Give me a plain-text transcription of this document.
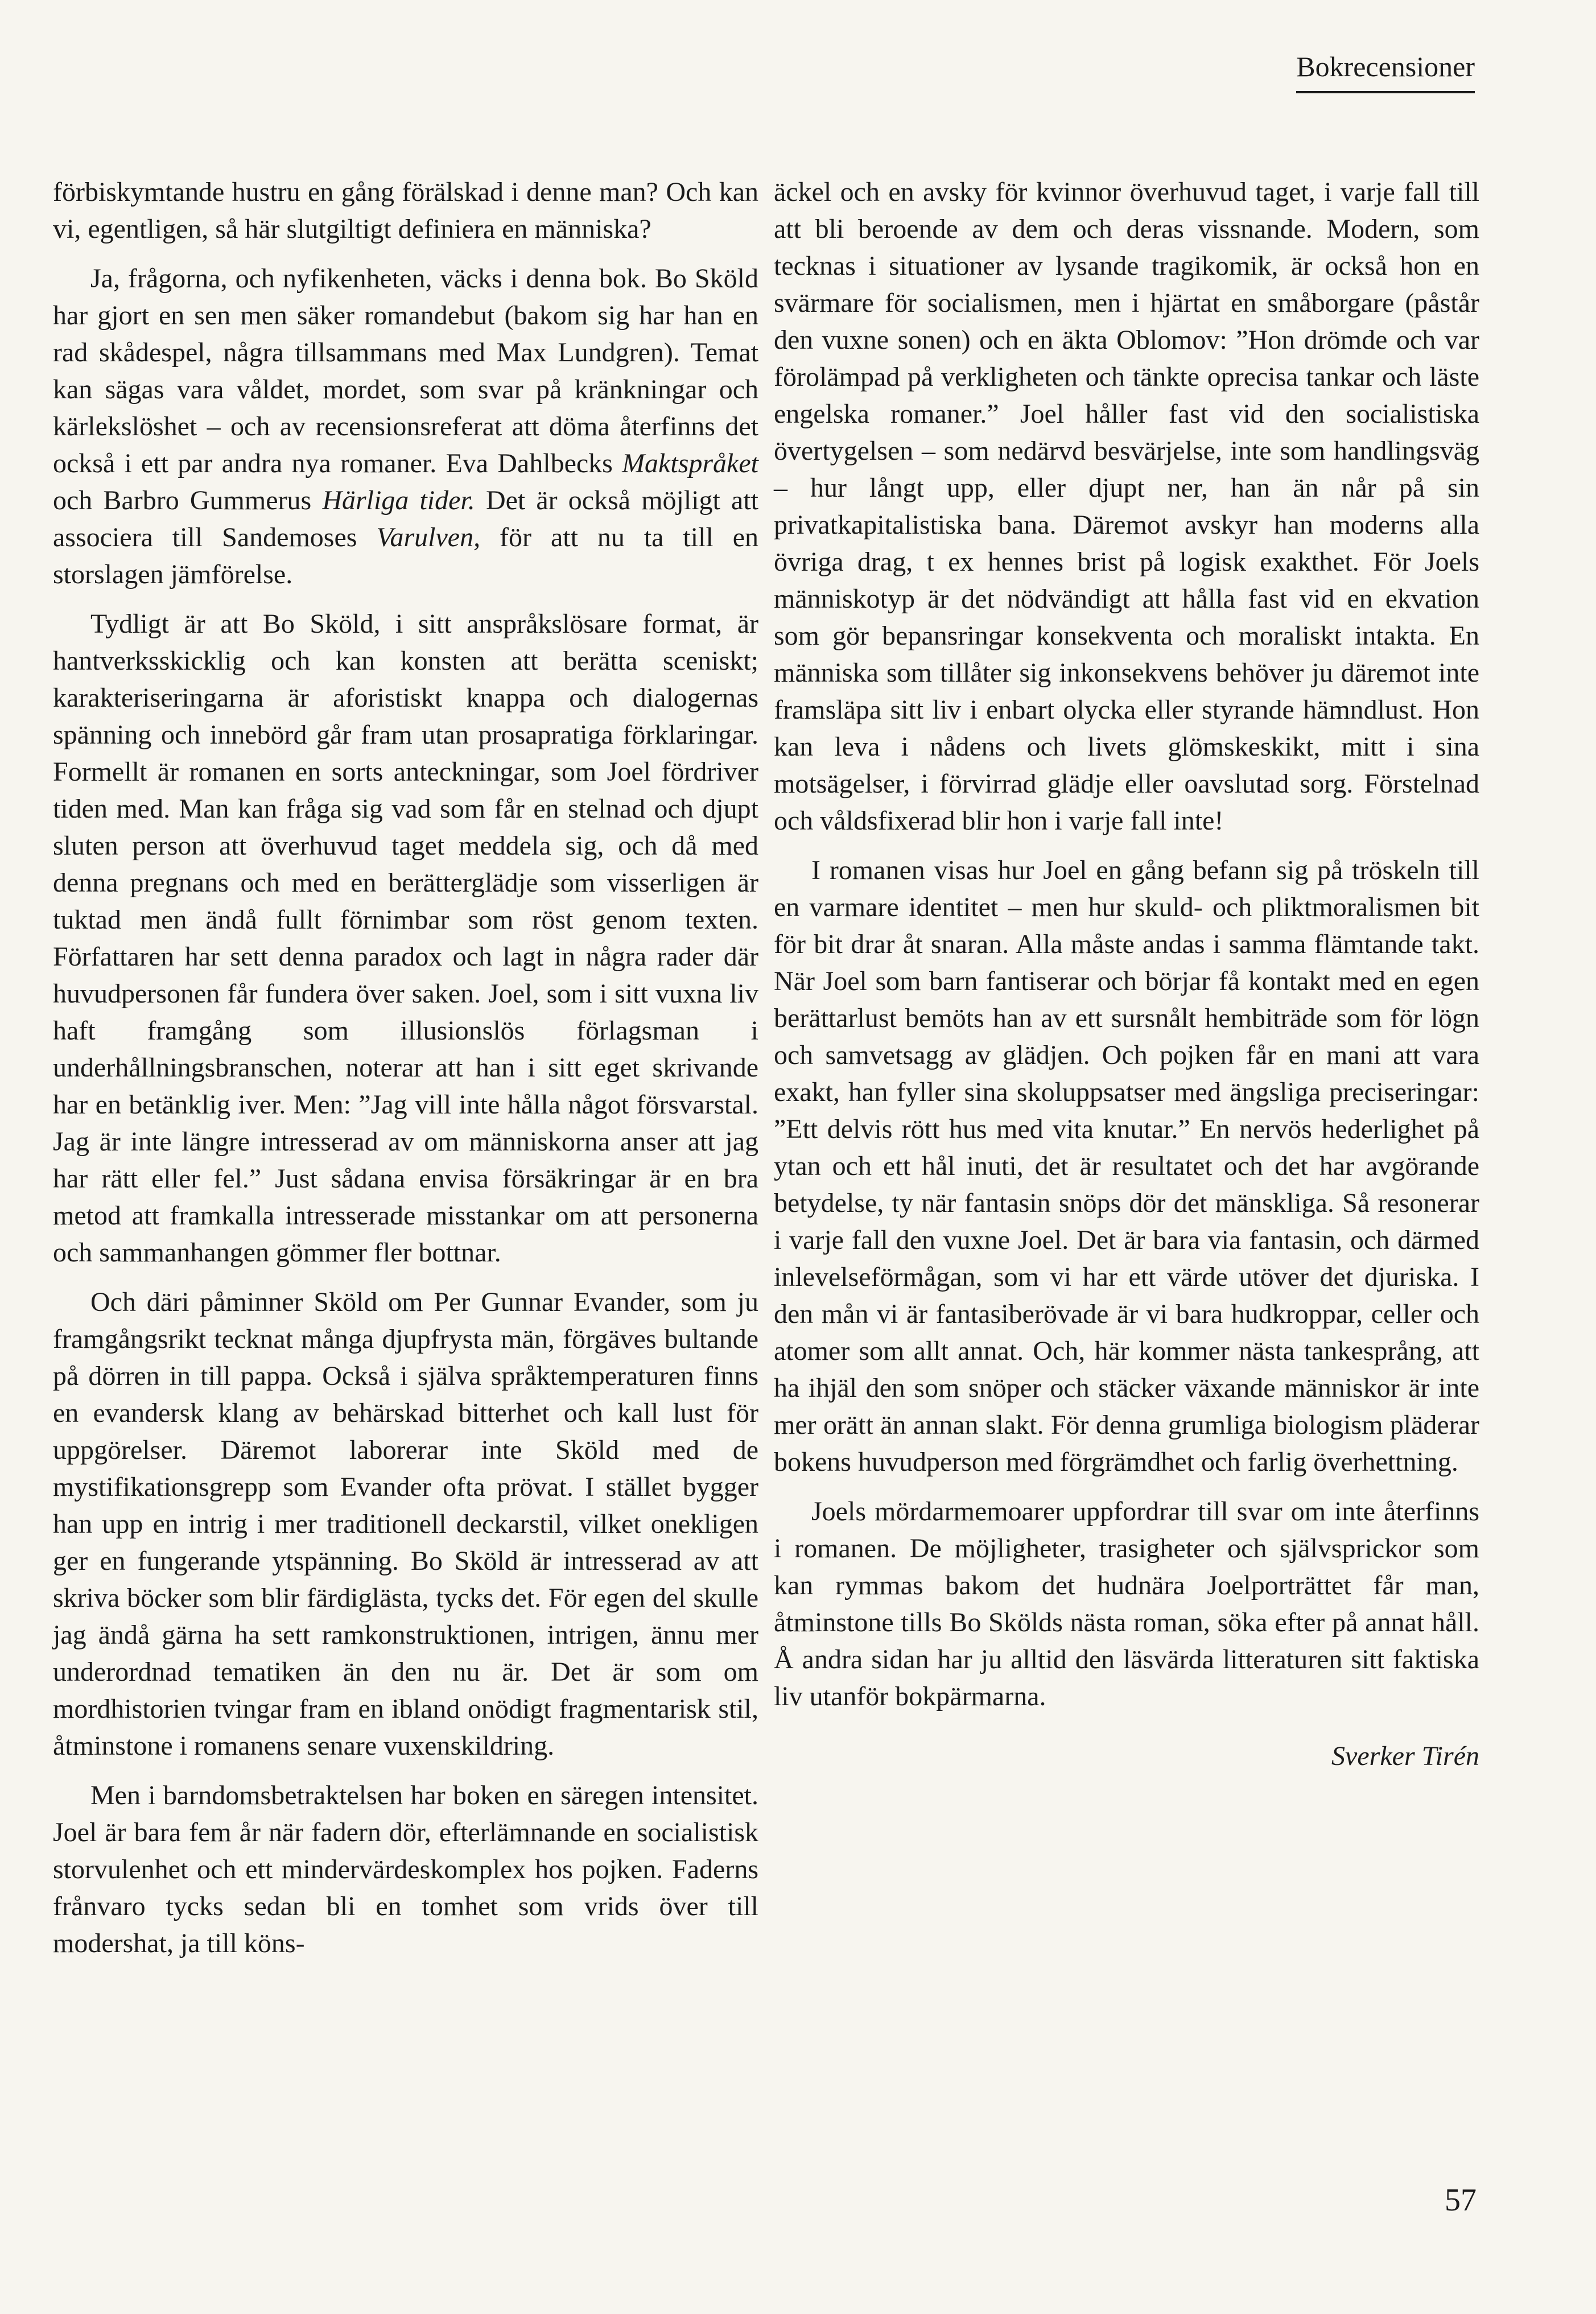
Bokrecensioner

förbiskymtande hustru en gång förälskad i denne man? Och kan vi, egentligen, så här slutgiltigt definiera en människa?

Ja, frågorna, och nyfikenheten, väcks i denna bok. Bo Sköld har gjort en sen men säker romandebut (bakom sig har han en rad skådespel, några tillsammans med Max Lundgren). Temat kan sägas vara våldet, mordet, som svar på kränkningar och kärlekslöshet – och av recensionsreferat att döma återfinns det också i ett par andra nya romaner. Eva Dahlbecks Maktspråket och Barbro Gummerus Härliga tider. Det är också möjligt att associera till Sandemoses Varulven, för att nu ta till en storslagen jämförelse.

Tydligt är att Bo Sköld, i sitt anspråkslösare format, är hantverksskicklig och kan konsten att berätta sceniskt; karakteriseringarna är aforistiskt knappa och dialogernas spänning och innebörd går fram utan prosapratiga förklaringar. Formellt är romanen en sorts anteckningar, som Joel fördriver tiden med. Man kan fråga sig vad som får en stelnad och djupt sluten person att överhuvud taget meddela sig, och då med denna pregnans och med en berätterglädje som visserligen är tuktad men ändå fullt förnimbar som röst genom texten. Författaren har sett denna paradox och lagt in några rader där huvudpersonen får fundera över saken. Joel, som i sitt vuxna liv haft framgång som illusionslös förlagsman i underhållningsbranschen, noterar att han i sitt eget skrivande har en betänklig iver. Men: ”Jag vill inte hålla något försvarstal. Jag är inte längre intresserad av om människorna anser att jag har rätt eller fel.” Just sådana envisa försäkringar är en bra metod att framkalla intresserade misstankar om att personerna och sammanhangen gömmer fler bottnar.

Och däri påminner Sköld om Per Gunnar Evander, som ju framgångsrikt tecknat många djupfrysta män, förgäves bultande på dörren in till pappa. Också i själva språktemperaturen finns en evandersk klang av behärskad bitterhet och kall lust för uppgörelser. Däremot laborerar inte Sköld med de mystifikationsgrepp som Evander ofta prövat. I stället bygger han upp en intrig i mer traditionell deckarstil, vilket onekligen ger en fungerande ytspänning. Bo Sköld är intresserad av att skriva böcker som blir färdiglästa, tycks det. För egen del skulle jag ändå gärna ha sett ramkonstruktionen, intrigen, ännu mer underordnad tematiken än den nu är. Det är som om mordhistorien tvingar fram en ibland onödigt fragmentarisk stil, åtminstone i romanens senare vuxenskildring.

Men i barndomsbetraktelsen har boken en säregen intensitet. Joel är bara fem år när fadern dör, efterlämnande en socialistisk storvulenhet och ett mindervärdeskomplex hos pojken. Faderns frånvaro tycks sedan bli en tomhet som vrids över till modershat, ja till köns-

äckel och en avsky för kvinnor överhuvud taget, i varje fall till att bli beroende av dem och deras vissnande. Modern, som tecknas i situationer av lysande tragikomik, är också hon en svärmare för socialismen, men i hjärtat en småborgare (påstår den vuxne sonen) och en äkta Oblomov: ”Hon drömde och var förolämpad på verkligheten och tänkte oprecisa tankar och läste engelska romaner.” Joel håller fast vid den socialistiska övertygelsen – som nedärvd besvärjelse, inte som handlingsväg – hur långt upp, eller djupt ner, han än når på sin privatkapitalistiska bana. Däremot avskyr han moderns alla övriga drag, t ex hennes brist på logisk exakthet. För Joels människotyp är det nödvändigt att hålla fast vid en ekvation som gör bepansringar konsekventa och moraliskt intakta. En människa som tillåter sig inkonsekvens behöver ju däremot inte framsläpa sitt liv i enbart olycka eller styrande hämndlust. Hon kan leva i nådens och livets glömskeskikt, mitt i sina motsägelser, i förvirrad glädje eller oavslutad sorg. Förstelnad och våldsfixerad blir hon i varje fall inte!

I romanen visas hur Joel en gång befann sig på tröskeln till en varmare identitet – men hur skuld- och pliktmoralismen bit för bit drar åt snaran. Alla måste andas i samma flämtande takt. När Joel som barn fantiserar och börjar få kontakt med en egen berättarlust bemöts han av ett sursnålt hembiträde som för lögn och samvetsagg av glädjen. Och pojken får en mani att vara exakt, han fyller sina skoluppsatser med ängsliga preciseringar: ”Ett delvis rött hus med vita knutar.” En nervös hederlighet på ytan och ett hål inuti, det är resultatet och det har avgörande betydelse, ty när fantasin snöps dör det mänskliga. Så resonerar i varje fall den vuxne Joel. Det är bara via fantasin, och därmed inlevelseförmågan, som vi har ett värde utöver det djuriska. I den mån vi är fantasiberövade är vi bara hudkroppar, celler och atomer som allt annat. Och, här kommer nästa tankesprång, att ha ihjäl den som snöper och stäcker växande människor är inte mer orätt än annan slakt. För denna grumliga biologism pläderar bokens huvudperson med förgrämdhet och farlig överhettning.

Joels mördarmemoarer uppfordrar till svar om inte återfinns i romanen. De möjligheter, trasigheter och självsprickor som kan rymmas bakom det hudnära Joelporträttet får man, åtminstone tills Bo Skölds nästa roman, söka efter på annat håll. Å andra sidan har ju alltid den läsvärda litteraturen sitt faktiska liv utanför bokpärmarna.

Sverker Tirén
57
